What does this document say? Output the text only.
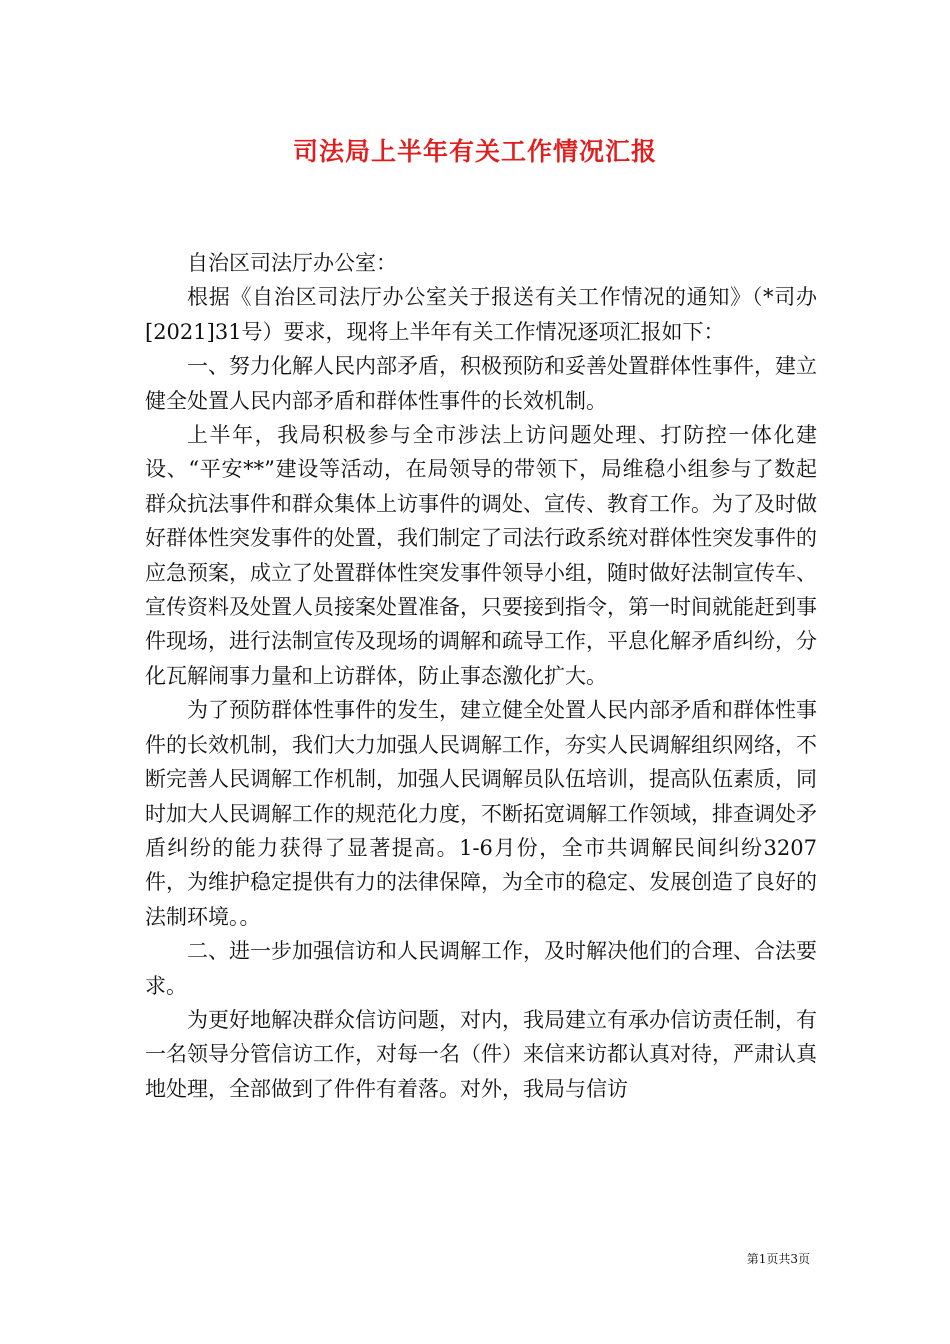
司法局上半年有关工作情况汇报

自治区司法厅办公室：

根据《自治区司法厅办公室关于报送有关工作情况的通知》（*司办[2021]31号）要求，现将上半年有关工作情况逐项汇报如下：

一、努力化解人民内部矛盾，积极预防和妥善处置群体性事件，建立健全处置人民内部矛盾和群体性事件的长效机制。

上半年，我局积极参与全市涉法上访问题处理、打防控一体化建设、“平安**”建设等活动，在局领导的带领下，局维稳小组参与了数起群众抗法事件和群众集体上访事件的调处、宣传、教育工作。为了及时做好群体性突发事件的处置，我们制定了司法行政系统对群体性突发事件的应急预案，成立了处置群体性突发事件领导小组，随时做好法制宣传车、宣传资料及处置人员接案处置准备，只要接到指令，第一时间就能赶到事件现场，进行法制宣传及现场的调解和疏导工作，平息化解矛盾纠纷，分化瓦解闹事力量和上访群体，防止事态激化扩大。

为了预防群体性事件的发生，建立健全处置人民内部矛盾和群体性事件的长效机制，我们大力加强人民调解工作，夯实人民调解组织网络，不断完善人民调解工作机制，加强人民调解员队伍培训，提高队伍素质，同时加大人民调解工作的规范化力度，不断拓宽调解工作领域，排查调处矛盾纠纷的能力获得了显著提高。1-6月份，全市共调解民间纠纷3207件，为维护稳定提供有力的法律保障，为全市的稳定、发展创造了良好的法制环境。。

二、进一步加强信访和人民调解工作，及时解决他们的合理、合法要求。

为更好地解决群众信访问题，对内，我局建立有承办信访责任制，有一名领导分管信访工作，对每一名（件）来信来访都认真对待，严肃认真地处理，全部做到了件件有着落。对外，我局与信访

第1页共3页
